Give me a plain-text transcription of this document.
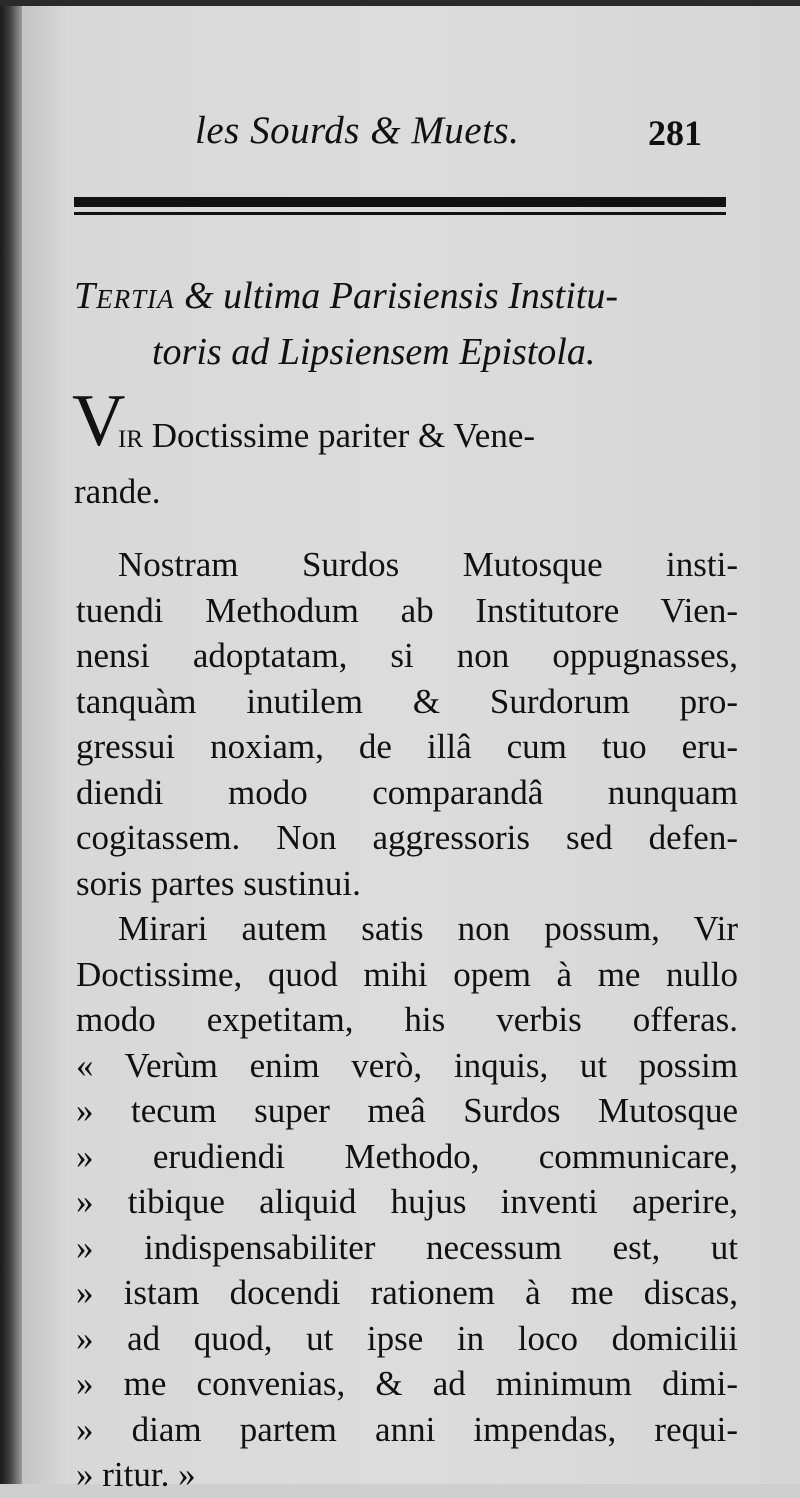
les Sourds & Muets.	281
Tertia & ultima Parisiensis Institu-
toris ad Lipsiensem Epistola.
V
ir Doctissime pariter & Vene-
rande.
Nostram Surdos Mutosque insti-
tuendi Methodum ab Institutore Vien-
nensi adoptatam, si non oppugnasses,
tanquàm inutilem & Surdorum pro-
gressui noxiam, de illâ cum tuo eru-
diendi modo comparandâ nunquam
cogitassem. Non aggressoris sed defen-
soris partes sustinui.
Mirari autem satis non possum, Vir
Doctissime, quod mihi opem à me nullo
modo expetitam, his verbis offeras.
« Verùm enim verò, inquis, ut possim
» tecum super meâ Surdos Mutosque
» erudiendi Methodo, communicare,
» tibique aliquid hujus inventi aperire,
» indispensabiliter necessum est, ut
» istam docendi rationem à me discas,
» ad quod, ut ipse in loco domicilii
» me convenias, & ad minimum dimi-
» diam partem anni impendas, requi-
» ritur. »
